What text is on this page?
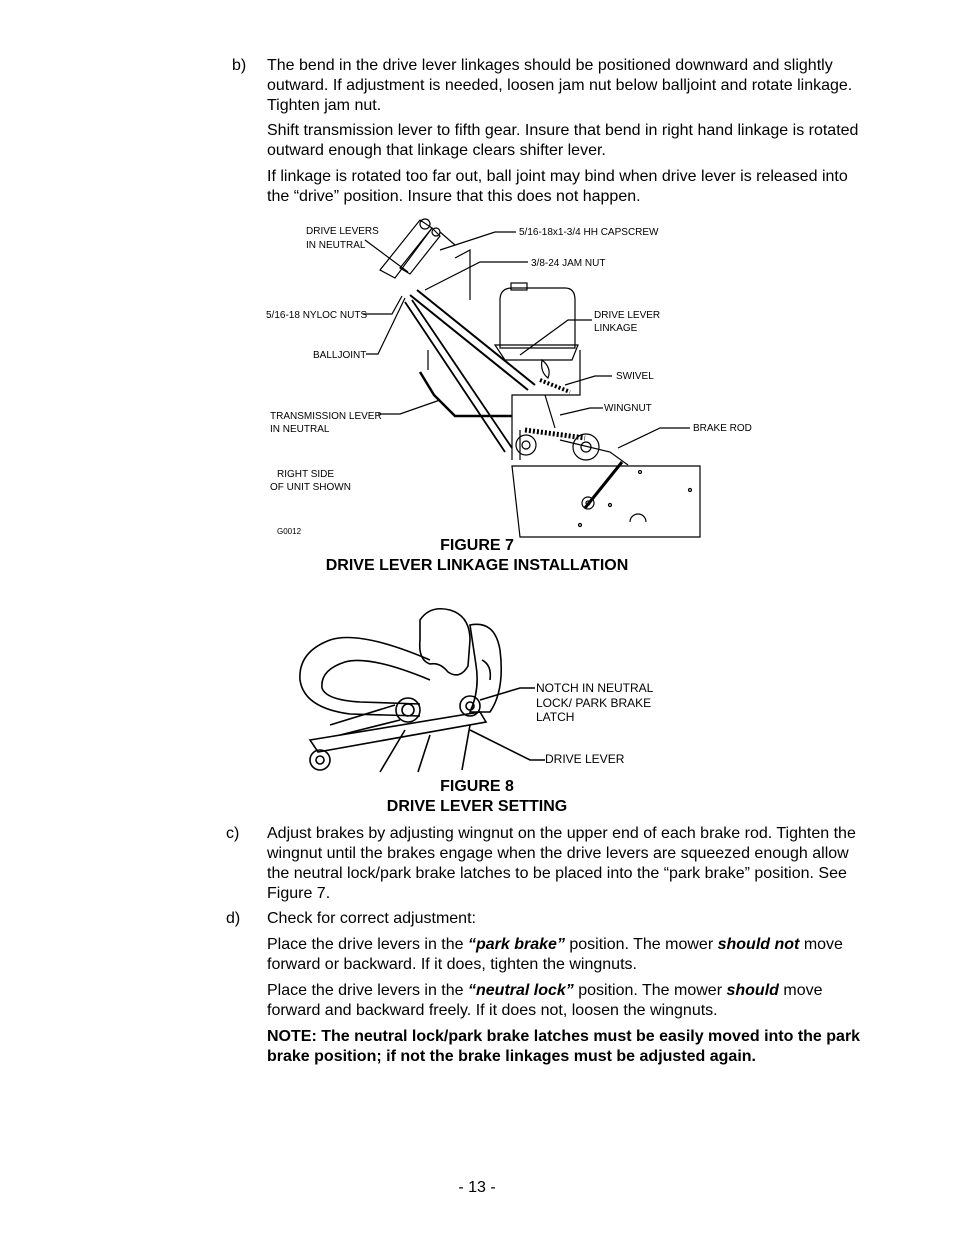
b) The bend in the drive lever linkages should be positioned downward and slightly outward. If adjustment is needed, loosen jam nut below balljoint and rotate linkage. Tighten jam nut.

Shift transmission lever to fifth gear. Insure that bend in right hand linkage is rotated outward enough that linkage clears shifter lever.

If linkage is rotated too far out, ball joint may bind when drive lever is released into the “drive” position. Insure that this does not happen.

DRIVE LEVERS
IN NEUTRAL
5/16-18x1-3/4 HH CAPSCREW
3/8-24 JAM NUT
5/16-18 NYLOC NUTS	DRIVE LEVER
LINKAGE
BALLJOINT
SWIVEL
WINGNUT
TRANSMISSION LEVER
IN NEUTRAL	BRAKE ROD
RIGHT SIDE
OF UNIT SHOWN
G0012
FIGURE 7
DRIVE LEVER LINKAGE INSTALLATION
NOTCH IN NEUTRAL
LOCK/ PARK BRAKE
LATCH
DRIVE LEVER
FIGURE 8
DRIVE LEVER SETTING
c) Adjust brakes by adjusting wingnut on the upper end of each brake rod. Tighten the wingnut until the brakes engage when the drive levers are squeezed enough allow the neutral lock/park brake latches to be placed into the “park brake” position. See Figure 7.

d) Check for correct adjustment:

Place the drive levers in the “park brake” position. The mower should not move forward or backward. If it does, tighten the wingnuts.

Place the drive levers in the “neutral lock” position. The mower should move forward and backward freely. If it does not, loosen the wingnuts.

NOTE: The neutral lock/park brake latches must be easily moved into the park brake position; if not the brake linkages must be adjusted again.

- 13 -
